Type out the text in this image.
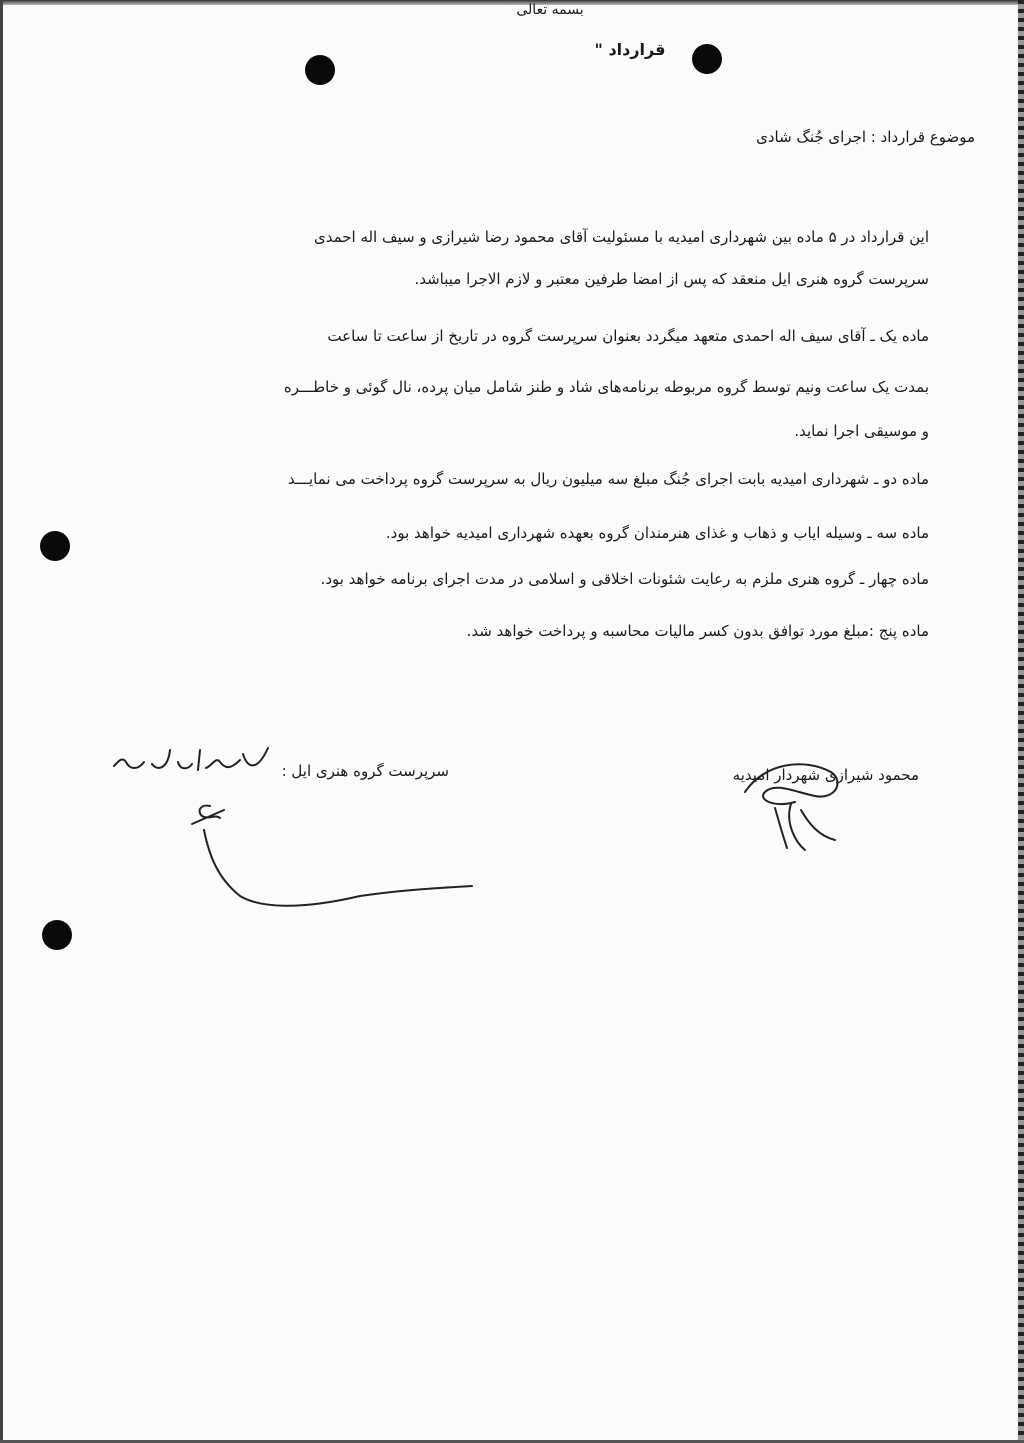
بسمه تعالی
قرارداد "
موضوع قرارداد : اجرای جُنگ شادی
این قرارداد در ۵ ماده بین شهرداری امیدیه با مسئولیت آقای محمود رضا شیرازی و سیف اله احمدی
سرپرست گروه هنری ایل منعقد که پس از امضا طرفین معتبر و لازم الاجرا میباشد.
ماده یک ـ آقای سیف اله احمدی متعهد میگردد بعنوان سرپرست گروه در تاریخ از ساعت تا ساعت
بمدت یک ساعت ونیم توسط گروه مربوطه برنامه‌های شاد و طنز شامل میان پرده، نال گوئی و خاطـــره
و موسیقی اجرا نماید.
ماده دو ـ شهرداری امیدیه بابت اجرای جُنگ مبلغ سه میلیون ریال به سرپرست گروه پرداخت می نمایـــد
ماده سه ـ وسیله ایاب و ذهاب و غذای هنرمندان گروه بعهده شهرداری امیدیه خواهد بود.
ماده چهار ـ گروه هنری ملزم به رعایت شئونات اخلاقی و اسلامی در مدت اجرای برنامه خواهد بود.
ماده پنج :مبلغ مورد توافق بدون کسر مالیات محاسبه و پرداخت خواهد شد.
سرپرست گروه هنری ایل :	محمود شیرازی شهردار امیدیه
